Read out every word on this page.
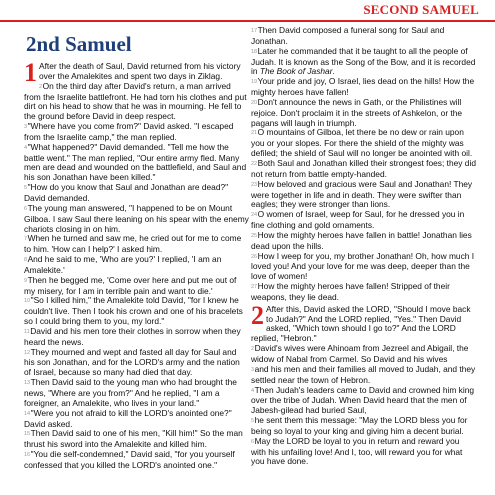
SECOND SAMUEL
2nd Samuel
1 After the death of Saul, David returned from his victory over the Amalekites and spent two days in Ziklag.
2On the third day after David's return, a man arrived from the Israelite battlefront. He had torn his clothes and put dirt on his head to show that he was in mourning. He fell to the ground before David in deep respect.
3"Where have you come from?" David asked. "I escaped from the Israelite camp," the man replied.
4"What happened?" David demanded. "Tell me how the battle went." The man replied, "Our entire army fled. Many men are dead and wounded on the battlefield, and Saul and his son Jonathan have been killed."
5"How do you know that Saul and Jonathan are dead?" David demanded.
6The young man answered, "I happened to be on Mount Gilboa. I saw Saul there leaning on his spear with the enemy chariots closing in on him.
7When he turned and saw me, he cried out for me to come to him. 'How can I help?' I asked him.
8And he said to me, 'Who are you?' I replied, 'I am an Amalekite.'
9Then he begged me, 'Come over here and put me out of my misery, for I am in terrible pain and want to die.'
10"So I killed him," the Amalekite told David, "for I knew he couldn't live. Then I took his crown and one of his bracelets so I could bring them to you, my lord."
11David and his men tore their clothes in sorrow when they heard the news.
12They mourned and wept and fasted all day for Saul and his son Jonathan, and for the LORD's army and the nation of Israel, because so many had died that day.
13Then David said to the young man who had brought the news, "Where are you from?" And he replied, "I am a foreigner, an Amalekite, who lives in your land."
14"Were you not afraid to kill the LORD's anointed one?" David asked.
15Then David said to one of his men, "Kill him!" So the man thrust his sword into the Amalekite and killed him.
16"You die self-condemned," David said, "for you yourself confessed that you killed the LORD's anointed one."
17Then David composed a funeral song for Saul and Jonathan.
18Later he commanded that it be taught to all the people of Judah. It is known as the Song of the Bow, and it is recorded in The Book of Jashar.
19Your pride and joy, O Israel, lies dead on the hills! How the mighty heroes have fallen!
20Don't announce the news in Gath, or the Philistines will rejoice. Don't proclaim it in the streets of Ashkelon, or the pagans will laugh in triumph.
21O mountains of Gilboa, let there be no dew or rain upon you or your slopes. For there the shield of the mighty was defiled; the shield of Saul will no longer be anointed with oil.
22Both Saul and Jonathan killed their strongest foes; they did not return from battle empty-handed.
23How beloved and gracious were Saul and Jonathan! They were together in life and in death. They were swifter than eagles; they were stronger than lions.
24O women of Israel, weep for Saul, for he dressed you in fine clothing and gold ornaments.
25How the mighty heroes have fallen in battle! Jonathan lies dead upon the hills.
26How I weep for you, my brother Jonathan! Oh, how much I loved you! And your love for me was deep, deeper than the love of women!
27How the mighty heroes have fallen! Stripped of their weapons, they lie dead.
2 After this, David asked the LORD, "Should I move back to Judah?" And the LORD replied, "Yes." Then David asked, "Which town should I go to?" And the LORD replied, "Hebron."
2David's wives were Ahinoam from Jezreel and Abigail, the widow of Nabal from Carmel. So David and his wives
3and his men and their families all moved to Judah, and they settled near the town of Hebron.
4Then Judah's leaders came to David and crowned him king over the tribe of Judah. When David heard that the men of Jabesh-gilead had buried Saul,
5he sent them this message: "May the LORD bless you for being so loyal to your king and giving him a decent burial.
6May the LORD be loyal to you in return and reward you with his unfailing love! And I, too, will reward you for what you have done.
